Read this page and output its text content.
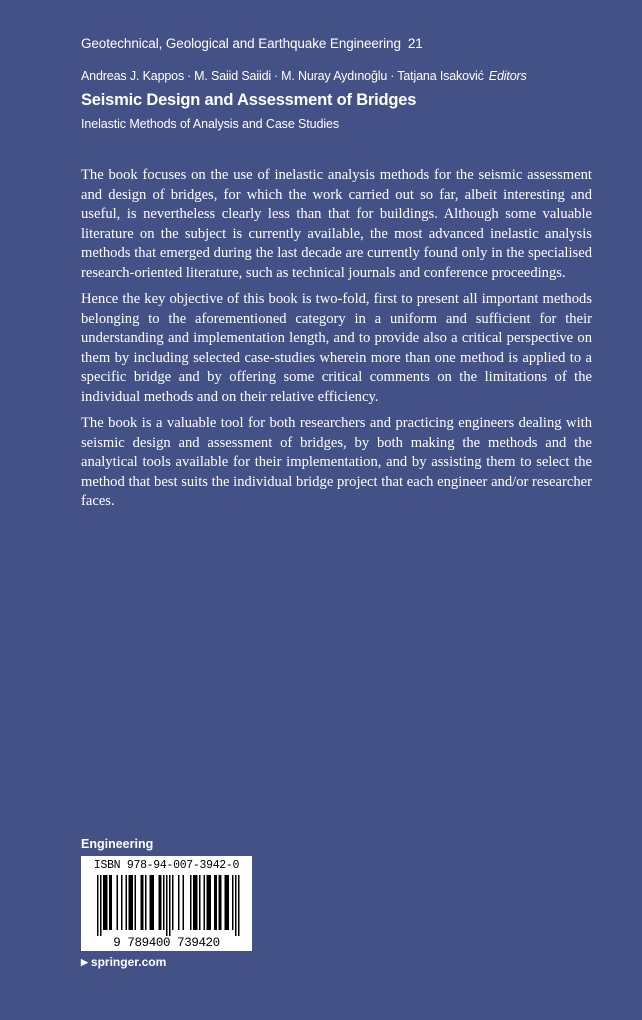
Geotechnical, Geological and Earthquake Engineering 21
Andreas J. Kappos · M. Saiid Saiidi · M. Nuray Aydınoğlu · Tatjana Isaković Editors
Seismic Design and Assessment of Bridges
Inelastic Methods of Analysis and Case Studies

The book focuses on the use of inelastic analysis methods for the seismic assessment and design of bridges, for which the work carried out so far, albeit interesting and useful, is nevertheless clearly less than that for buildings. Although some valuable literature on the subject is currently available, the most advanced inelastic analysis methods that emerged during the last decade are currently found only in the specialised research-oriented literature, such as technical journals and conference proceedings.

Hence the key objective of this book is two-fold, first to present all important methods belonging to the aforementioned category in a uniform and sufficient for their understanding and implementation length, and to provide also a critical perspective on them by including selected case-studies wherein more than one method is applied to a specific bridge and by offering some critical comments on the limitations of the individual methods and on their relative efficiency.

The book is a valuable tool for both researchers and practicing engineers dealing with seismic design and assessment of bridges, by both making the methods and the analytical tools available for their implementation, and by assisting them to select the method that best suits the individual bridge project that each engineer and/or researcher faces.

Engineering
ISBN 978-94-007-3942-0
9 789400 739420
▶ springer.com
